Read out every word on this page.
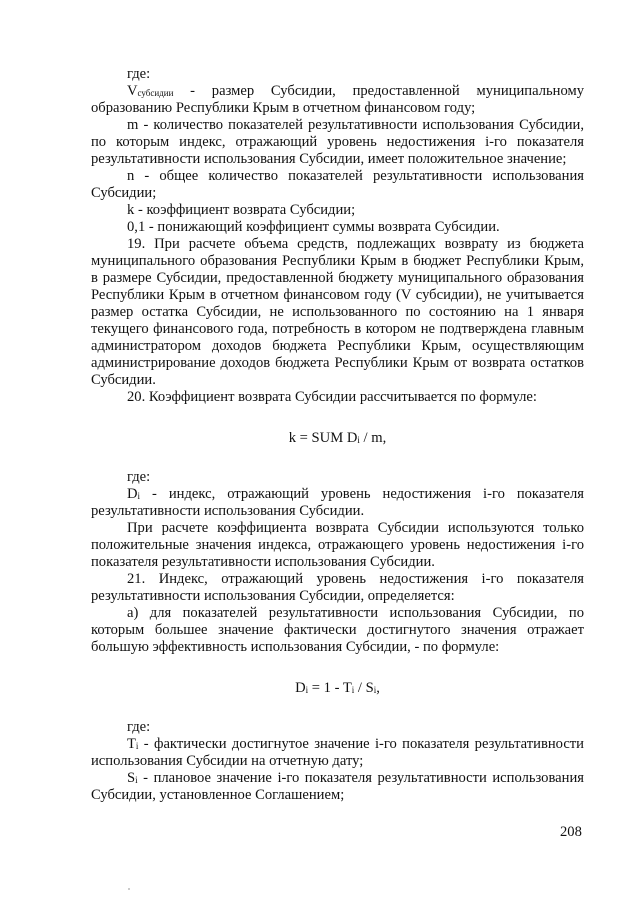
где:

$V_{субсидии}$ - размер Субсидии, предоставленной муниципальному образованию Республики Крым в отчетном финансовом году;

m - количество показателей результативности использования Субсидии, по которым индекс, отражающий уровень недостижения i-го показателя результативности использования Субсидии, имеет положительное значение;

n - общее количество показателей результативности использования Субсидии;

k - коэффициент возврата Субсидии;

0,1 - понижающий коэффициент суммы возврата Субсидии.

19. При расчете объема средств, подлежащих возврату из бюджета муниципального образования Республики Крым в бюджет Республики Крым, в размере Субсидии, предоставленной бюджету муниципального образования Республики Крым в отчетном финансовом году (V субсидии), не учитывается размер остатка Субсидии, не использованного по состоянию на 1 января текущего финансового года, потребность в котором не подтверждена главным администратором доходов бюджета Республики Крым, осуществляющим администрирование доходов бюджета Республики Крым от возврата остатков Субсидии.

20. Коэффициент возврата Субсидии рассчитывается по формуле:

k = SUM $D_i$ / m,

где:

$D_i$ - индекс, отражающий уровень недостижения i-го показателя результативности использования Субсидии.

При расчете коэффициента возврата Субсидии используются только положительные значения индекса, отражающего уровень недостижения i-го показателя результативности использования Субсидии.

21. Индекс, отражающий уровень недостижения i-го показателя результативности использования Субсидии, определяется:

а) для показателей результативности использования Субсидии, по которым большее значение фактически достигнутого значения отражает большую эффективность использования Субсидии, - по формуле:

$D_i = 1 - T_i / S_i$,

где:

$T_i$ - фактически достигнутое значение i-го показателя результативности использования Субсидии на отчетную дату;

$S_i$ - плановое значение i-го показателя результативности использования Субсидии, установленное Соглашением;

208
